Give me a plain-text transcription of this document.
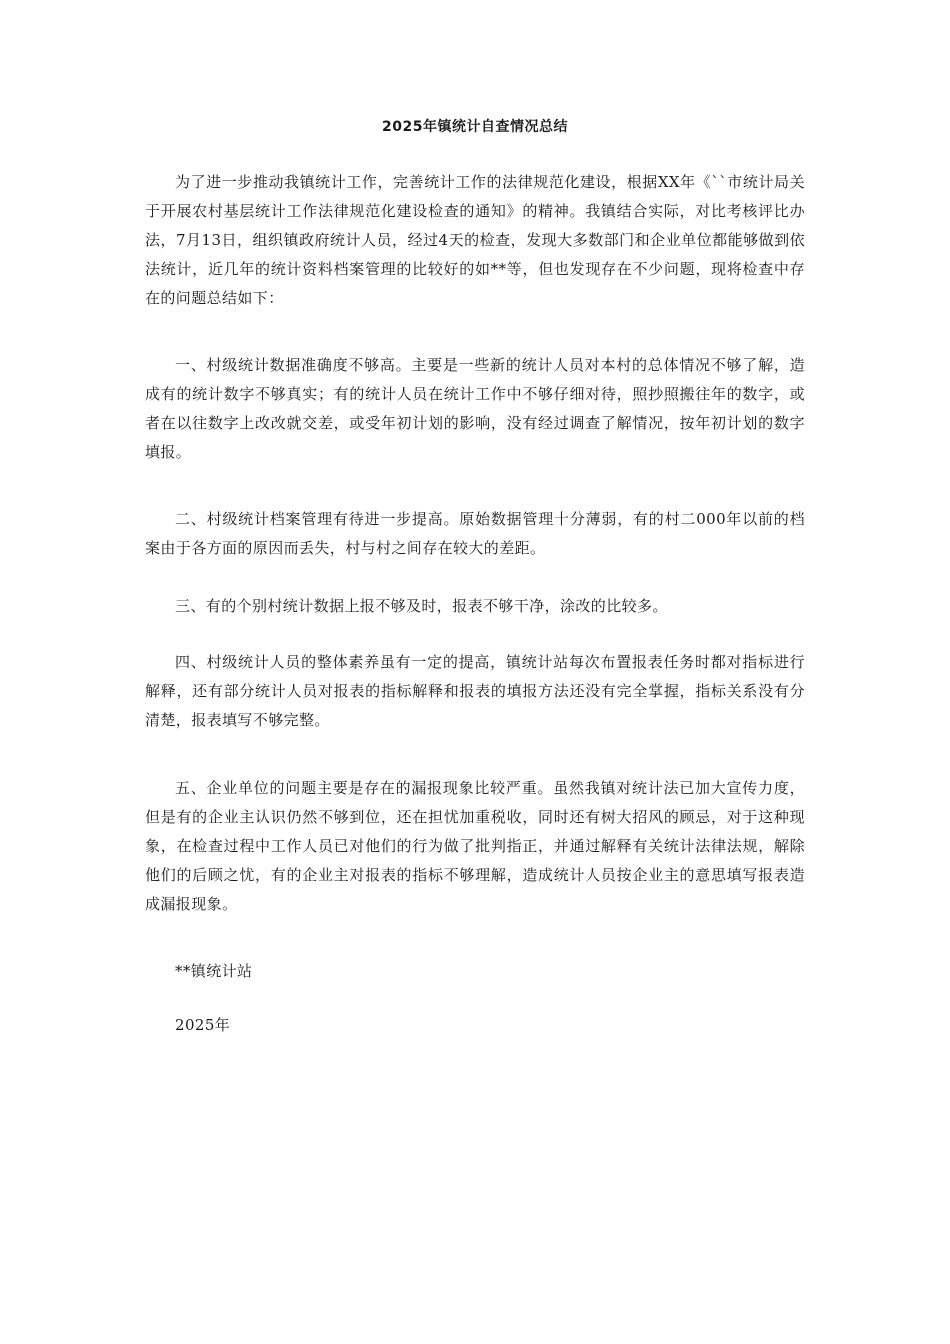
2025年镇统计自查情况总结

为了进一步推动我镇统计工作，完善统计工作的法律规范化建设，根据XX年《``市统计局关于开展农村基层统计工作法律规范化建设检查的通知》的精神。我镇结合实际，对比考核评比办法，7月13日，组织镇政府统计人员，经过4天的检查，发现大多数部门和企业单位都能够做到依法统计，近几年的统计资料档案管理的比较好的如**等，但也发现存在不少问题，现将检查中存在的问题总结如下：

一、村级统计数据准确度不够高。主要是一些新的统计人员对本村的总体情况不够了解，造成有的统计数字不够真实；有的统计人员在统计工作中不够仔细对待，照抄照搬往年的数字，或者在以往数字上改改就交差，或受年初计划的影响，没有经过调查了解情况，按年初计划的数字填报。

二、村级统计档案管理有待进一步提高。原始数据管理十分薄弱，有的村二000年以前的档案由于各方面的原因而丢失，村与村之间存在较大的差距。

三、有的个别村统计数据上报不够及时，报表不够干净，涂改的比较多。

四、村级统计人员的整体素养虽有一定的提高，镇统计站每次布置报表任务时都对指标进行解释，还有部分统计人员对报表的指标解释和报表的填报方法还没有完全掌握，指标关系没有分清楚，报表填写不够完整。

五、企业单位的问题主要是存在的漏报现象比较严重。虽然我镇对统计法已加大宣传力度，但是有的企业主认识仍然不够到位，还在担忧加重税收，同时还有树大招风的顾忌，对于这种现象，在检查过程中工作人员已对他们的行为做了批判指正，并通过解释有关统计法律法规，解除他们的后顾之忧，有的企业主对报表的指标不够理解，造成统计人员按企业主的意思填写报表造成漏报现象。

**镇统计站

2025年
